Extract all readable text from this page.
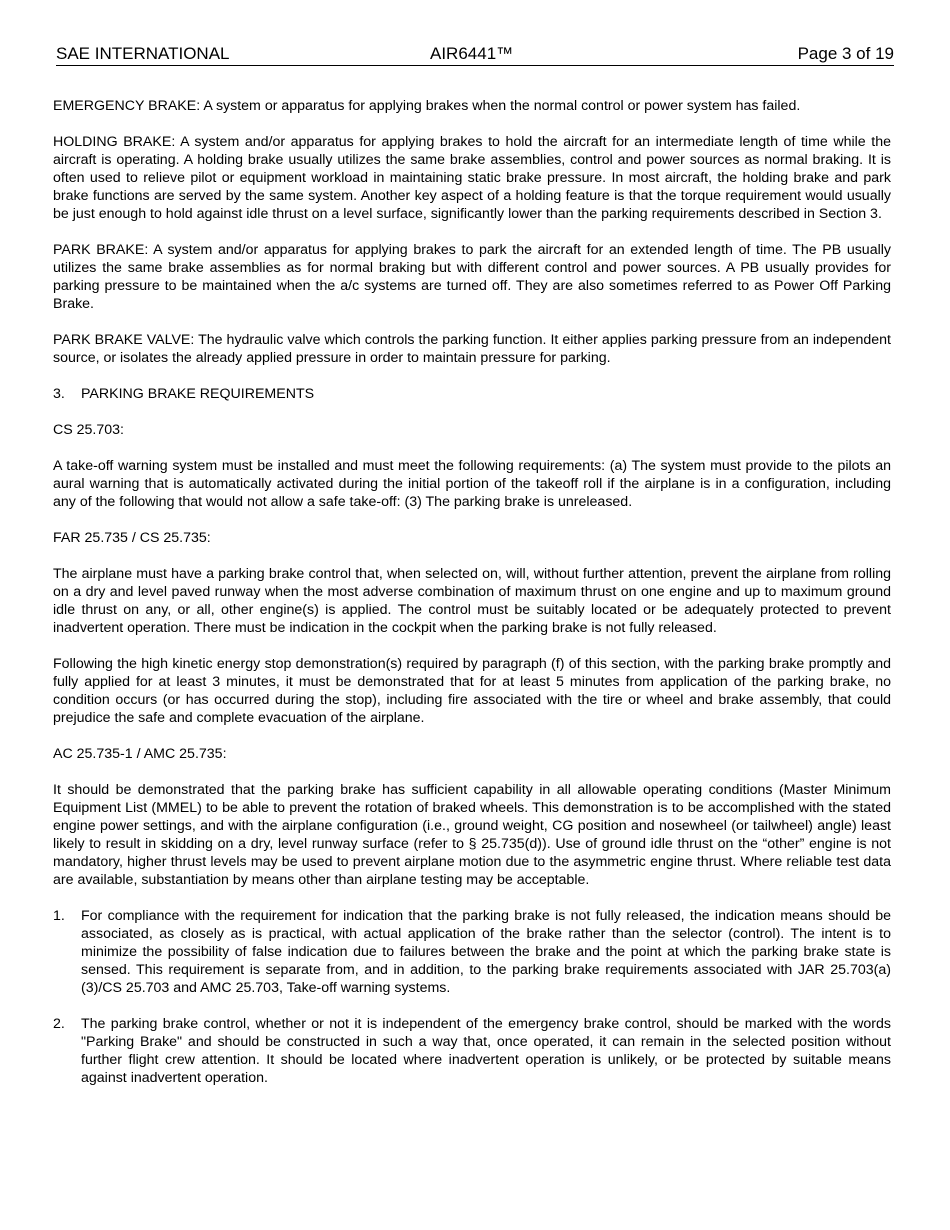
SAE INTERNATIONAL	AIR6441™	Page 3 of 19

EMERGENCY BRAKE: A system or apparatus for applying brakes when the normal control or power system has failed.

HOLDING BRAKE: A system and/or apparatus for applying brakes to hold the aircraft for an intermediate length of time while the aircraft is operating. A holding brake usually utilizes the same brake assemblies, control and power sources as normal braking. It is often used to relieve pilot or equipment workload in maintaining static brake pressure. In most aircraft, the holding brake and park brake functions are served by the same system. Another key aspect of a holding feature is that the torque requirement would usually be just enough to hold against idle thrust on a level surface, significantly lower than the parking requirements described in Section 3.

PARK BRAKE: A system and/or apparatus for applying brakes to park the aircraft for an extended length of time. The PB usually utilizes the same brake assemblies as for normal braking but with different control and power sources. A PB usually provides for parking pressure to be maintained when the a/c systems are turned off. They are also sometimes referred to as Power Off Parking Brake.

PARK BRAKE VALVE: The hydraulic valve which controls the parking function. It either applies parking pressure from an independent source, or isolates the already applied pressure in order to maintain pressure for parking.

3. PARKING BRAKE REQUIREMENTS

CS 25.703:

A take-off warning system must be installed and must meet the following requirements: (a) The system must provide to the pilots an aural warning that is automatically activated during the initial portion of the takeoff roll if the airplane is in a configuration, including any of the following that would not allow a safe take-off: (3) The parking brake is unreleased.

FAR 25.735 / CS 25.735:

The airplane must have a parking brake control that, when selected on, will, without further attention, prevent the airplane from rolling on a dry and level paved runway when the most adverse combination of maximum thrust on one engine and up to maximum ground idle thrust on any, or all, other engine(s) is applied. The control must be suitably located or be adequately protected to prevent inadvertent operation. There must be indication in the cockpit when the parking brake is not fully released.

Following the high kinetic energy stop demonstration(s) required by paragraph (f) of this section, with the parking brake promptly and fully applied for at least 3 minutes, it must be demonstrated that for at least 5 minutes from application of the parking brake, no condition occurs (or has occurred during the stop), including fire associated with the tire or wheel and brake assembly, that could prejudice the safe and complete evacuation of the airplane.

AC 25.735-1 / AMC 25.735:

It should be demonstrated that the parking brake has sufficient capability in all allowable operating conditions (Master Minimum Equipment List (MMEL) to be able to prevent the rotation of braked wheels. This demonstration is to be accomplished with the stated engine power settings, and with the airplane configuration (i.e., ground weight, CG position and nosewheel (or tailwheel) angle) least likely to result in skidding on a dry, level runway surface (refer to § 25.735(d)). Use of ground idle thrust on the “other” engine is not mandatory, higher thrust levels may be used to prevent airplane motion due to the asymmetric engine thrust. Where reliable test data are available, substantiation by means other than airplane testing may be acceptable.

1. For compliance with the requirement for indication that the parking brake is not fully released, the indication means should be associated, as closely as is practical, with actual application of the brake rather than the selector (control). The intent is to minimize the possibility of false indication due to failures between the brake and the point at which the parking brake state is sensed. This requirement is separate from, and in addition, to the parking brake requirements associated with JAR 25.703(a)(3)/CS 25.703 and AMC 25.703, Take-off warning systems.
2. The parking brake control, whether or not it is independent of the emergency brake control, should be marked with the words "Parking Brake" and should be constructed in such a way that, once operated, it can remain in the selected position without further flight crew attention. It should be located where inadvertent operation is unlikely, or be protected by suitable means against inadvertent operation.
